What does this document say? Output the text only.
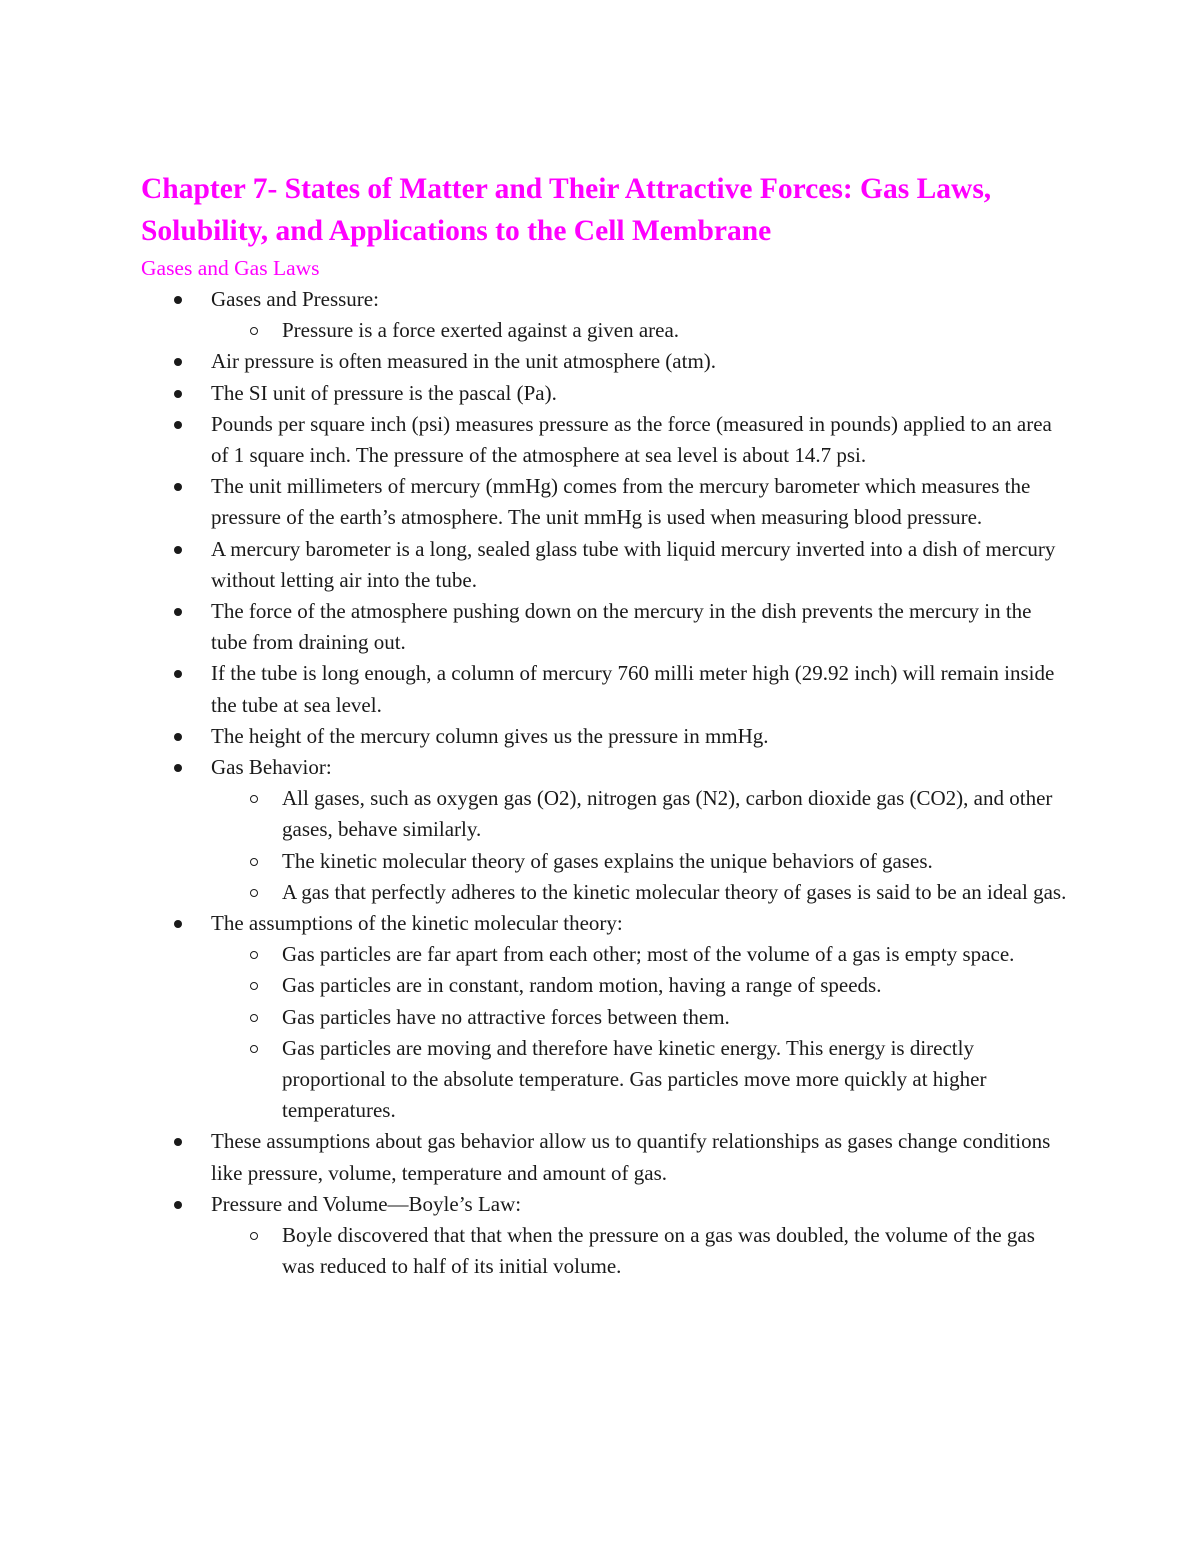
Chapter 7- States of Matter and Their Attractive Forces: Gas Laws, Solubility, and Applications to the Cell Membrane
Gases and Gas Laws
Gases and Pressure:
Pressure is a force exerted against a given area.
Air pressure is often measured in the unit atmosphere (atm).
The SI unit of pressure is the pascal (Pa).
Pounds per square inch (psi) measures pressure as the force (measured in pounds) applied to an area of 1 square inch. The pressure of the atmosphere at sea level is about 14.7 psi.
The unit millimeters of mercury (mmHg) comes from the mercury barometer which measures the pressure of the earth’s atmosphere. The unit mmHg is used when measuring blood pressure.
A mercury barometer is a long, sealed glass tube with liquid mercury inverted into a dish of mercury without letting air into the tube.
The force of the atmosphere pushing down on the mercury in the dish prevents the mercury in the tube from draining out.
If the tube is long enough, a column of mercury 760 milli meter high (29.92 inch) will remain inside the tube at sea level.
The height of the mercury column gives us the pressure in mmHg.
Gas Behavior:
All gases, such as oxygen gas (O2), nitrogen gas (N2), carbon dioxide gas (CO2), and other gases, behave similarly.
The kinetic molecular theory of gases explains the unique behaviors of gases.
A gas that perfectly adheres to the kinetic molecular theory of gases is said to be an ideal gas.
The assumptions of the kinetic molecular theory:
Gas particles are far apart from each other; most of the volume of a gas is empty space.
Gas particles are in constant, random motion, having a range of speeds.
Gas particles have no attractive forces between them.
Gas particles are moving and therefore have kinetic energy. This energy is directly proportional to the absolute temperature. Gas particles move more quickly at higher temperatures.
These assumptions about gas behavior allow us to quantify relationships as gases change conditions like pressure, volume, temperature and amount of gas.
Pressure and Volume—Boyle’s Law:
Boyle discovered that that when the pressure on a gas was doubled, the volume of the gas was reduced to half of its initial volume.
